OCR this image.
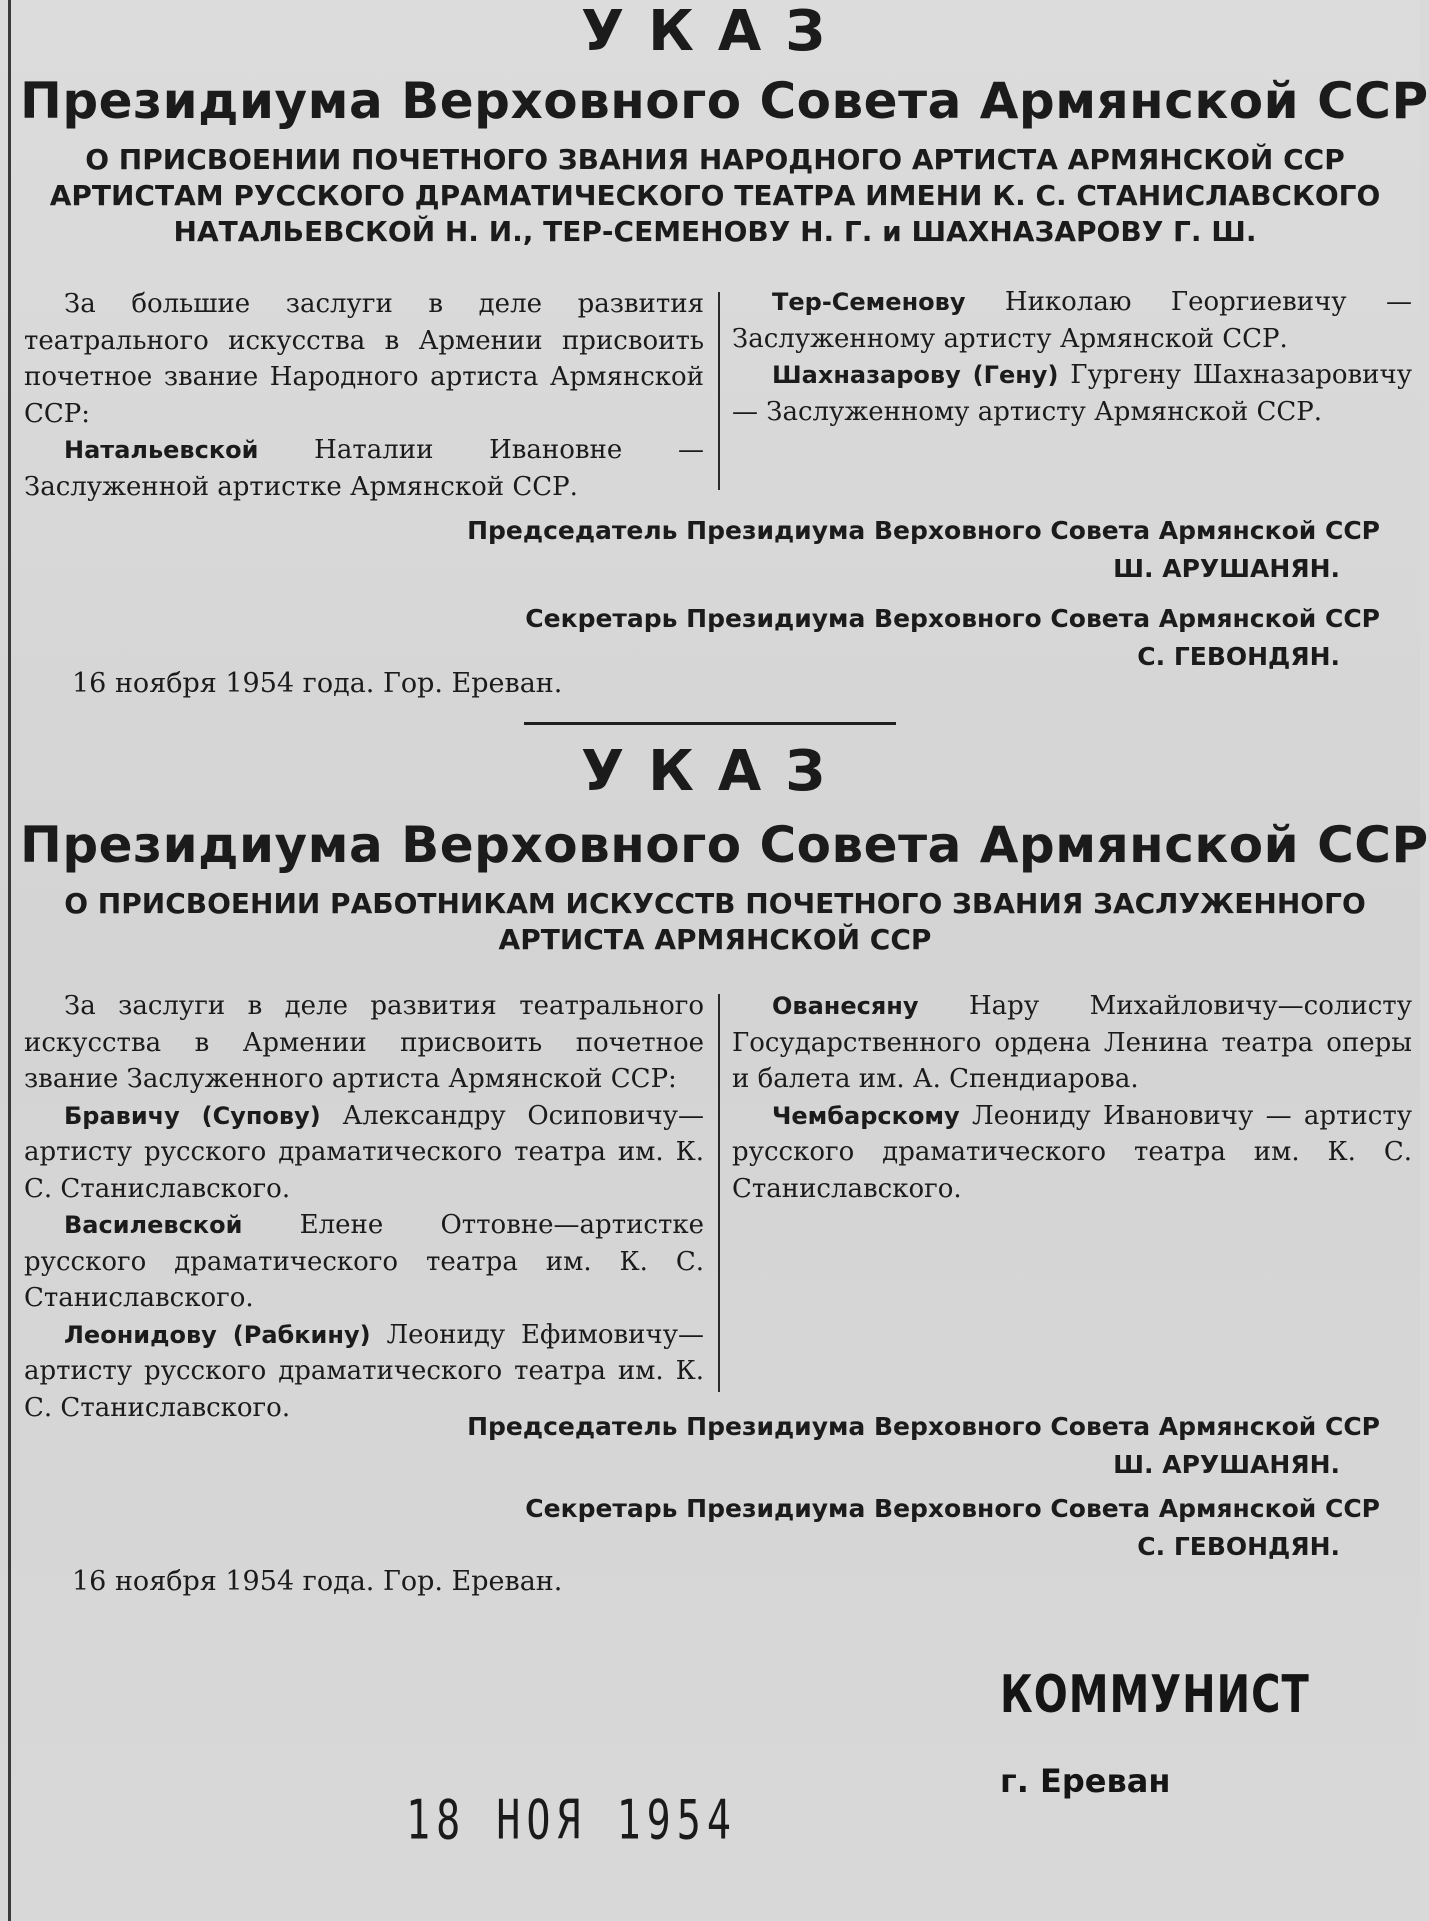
УКАЗ
Президиума Верховного Совета Армянской ССР

О ПРИСВОЕНИИ ПОЧЕТНОГО ЗВАНИЯ НАРОДНОГО АРТИСТА АРМЯНСКОЙ ССР

АРТИСТАМ РУССКОГО ДРАМАТИЧЕСКОГО ТЕАТРА ИМЕНИ К. С. СТАНИСЛАВСКОГО

НАТАЛЬЕВСКОЙ Н. И., ТЕР-СЕМЕНОВУ Н. Г. и ШАХНАЗАРОВУ Г. Ш.

За большие заслуги в деле развития театрального искусства в Армении присвоить почетное звание Народного артиста Армянской ССР:

Натальевской Наталии Ивановне — Заслуженной артистке Армянской ССР.

Тер-Семенову Николаю Георгиевичу — Заслуженному артисту Армянской ССР.

Шахназарову (Гену) Гургену Шахназаровичу — Заслуженному артисту Армянской ССР.

Председатель Президиума Верховного Совета Армянской ССР
Ш. АРУШАНЯН.
Секретарь Президиума Верховного Совета Армянской ССР
С. ГЕВОНДЯН.
16 ноября 1954 года. Гор. Ереван.
УКАЗ
Президиума Верховного Совета Армянской ССР

О ПРИСВОЕНИИ РАБОТНИКАМ ИСКУССТВ ПОЧЕТНОГО ЗВАНИЯ ЗАСЛУЖЕННОГО

АРТИСТА АРМЯНСКОЙ ССР

За заслуги в деле развития театрального искусства в Армении присвоить почетное звание Заслуженного артиста Армянской ССР:

Бравичу (Супову) Александру Осиповичу—артисту русского драматического театра им. К. С. Станиславского.

Василевской Елене Оттовне—артистке русского драматического театра им. К. С. Станиславского.

Леонидову (Рабкину) Леониду Ефимовичу—артисту русского драматического театра им. К. С. Станиславского.

Ованесяну Нару Михайловичу—солисту Государственного ордена Ленина театра оперы и балета им. А. Спендиарова.

Чембарскому Леониду Ивановичу — артисту русского драматического театра им. К. С. Станиславского.

Председатель Президиума Верховного Совета Армянской ССР
Ш. АРУШАНЯН.
Секретарь Президиума Верховного Совета Армянской ССР
С. ГЕВОНДЯН.
16 ноября 1954 года. Гор. Ереван.
КОММУНИСТ
г. Ереван
18 НОЯ 1954
